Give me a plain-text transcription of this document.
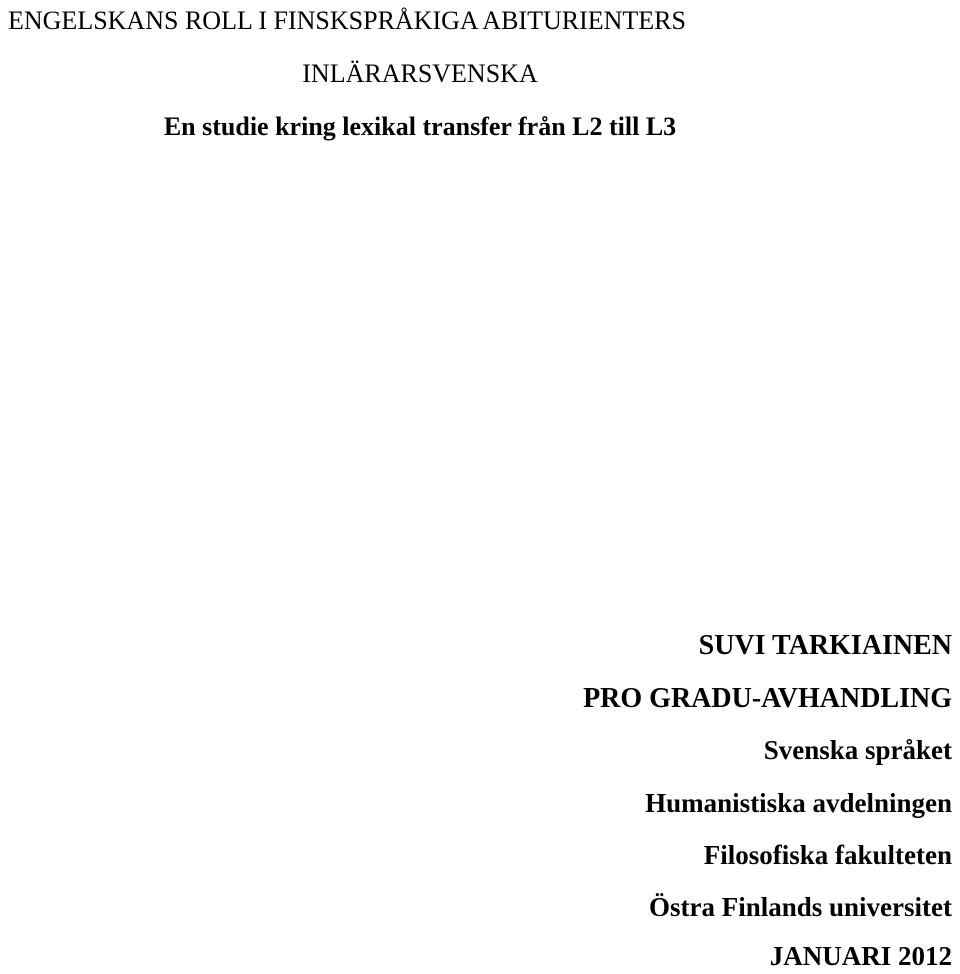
ENGELSKANS ROLL I FINSKSPRÅKIGA ABITURIENTERS
INLÄRARSVENSKA
En studie kring lexikal transfer från L2 till L3
SUVI TARKIAINEN
PRO GRADU-AVHANDLING
Svenska språket
Humanistiska avdelningen
Filosofiska fakulteten
Östra Finlands universitet
JANUARI 2012
